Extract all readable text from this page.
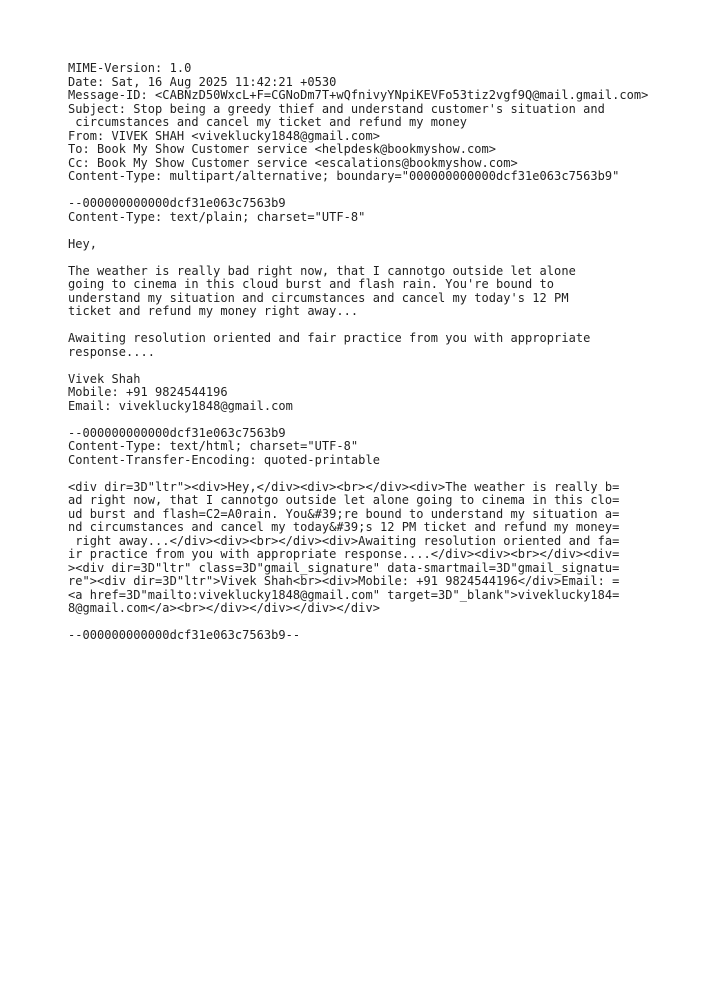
MIME-Version: 1.0
Date: Sat, 16 Aug 2025 11:42:21 +0530
Message-ID: <CABNzD50WxcL+F=CGNoDm7T+wQfnivyYNpiKEVFo53tiz2vgf9Q@mail.gmail.com>
Subject: Stop being a greedy thief and understand customer's situation and
circumstances and cancel my ticket and refund my money
From: VIVEK SHAH <viveklucky1848@gmail.com>
To: Book My Show Customer service <helpdesk@bookmyshow.com>
Cc: Book My Show Customer service <escalations@bookmyshow.com>
Content-Type: multipart/alternative; boundary="000000000000dcf31e063c7563b9"
--000000000000dcf31e063c7563b9
Content-Type: text/plain; charset="UTF-8"
Hey,
The weather is really bad right now, that I cannotgo outside let alone
going to cinema in this cloud burst and flash rain. You're bound to
understand my situation and circumstances and cancel my today's 12 PM
ticket and refund my money right away...
Awaiting resolution oriented and fair practice from you with appropriate
response....
Vivek Shah
Mobile: +91 9824544196
Email: viveklucky1848@gmail.com
--000000000000dcf31e063c7563b9
Content-Type: text/html; charset="UTF-8"
Content-Transfer-Encoding: quoted-printable
<div dir=3D"ltr"><div>Hey,</div><div><br></div><div>The weather is really b=
ad right now, that I cannotgo outside let alone going to cinema in this clo=
ud burst and flash=C2=A0rain. You&#39;re bound to understand my situation a=
nd circumstances and cancel my today&#39;s 12 PM ticket and refund my money=
right away...</div><div><br></div><div>Awaiting resolution oriented and fa=
ir practice from you with appropriate response....</div><div><br></div><div=
><div dir=3D"ltr" class=3D"gmail_signature" data-smartmail=3D"gmail_signatu=
re"><div dir=3D"ltr">Vivek Shah<br><div>Mobile: +91 9824544196</div>Email: =
<a href=3D"mailto:viveklucky1848@gmail.com" target=3D"_blank">viveklucky184=
8@gmail.com</a><br></div></div></div></div>
--000000000000dcf31e063c7563b9--
